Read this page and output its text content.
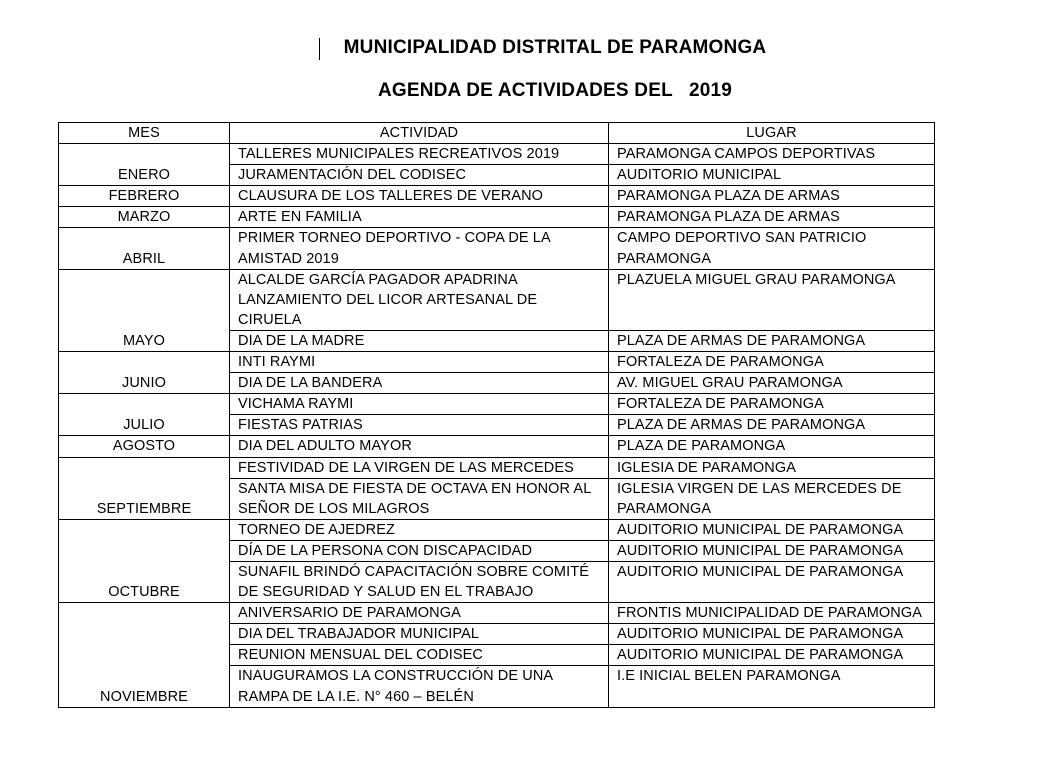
MUNICIPALIDAD DISTRITAL DE PARAMONGA
AGENDA DE ACTIVIDADES DEL   2019
MES	ACTIVIDAD	LUGAR
ENERO	TALLERES MUNICIPALES RECREATIVOS 2019	PARAMONGA CAMPOS DEPORTIVAS
	JURAMENTACIÓN DEL CODISEC	AUDITORIO MUNICIPAL
FEBRERO	CLAUSURA DE LOS TALLERES DE VERANO	PARAMONGA PLAZA DE ARMAS
MARZO	ARTE EN FAMILIA	PARAMONGA PLAZA DE ARMAS
ABRIL	PRIMER TORNEO DEPORTIVO - COPA DE LA AMISTAD 2019	CAMPO DEPORTIVO SAN PATRICIO PARAMONGA
MAYO	ALCALDE GARCÍA PAGADOR APADRINA LANZAMIENTO DEL LICOR ARTESANAL DE CIRUELA	PLAZUELA MIGUEL GRAU PARAMONGA
	DIA DE LA MADRE	PLAZA DE ARMAS DE PARAMONGA
JUNIO	INTI RAYMI	FORTALEZA DE PARAMONGA
	DIA DE LA BANDERA	AV. MIGUEL GRAU PARAMONGA
JULIO	VICHAMA RAYMI	FORTALEZA DE PARAMONGA
	FIESTAS PATRIAS	PLAZA DE ARMAS DE PARAMONGA
AGOSTO	DIA DEL ADULTO MAYOR	PLAZA DE PARAMONGA
SEPTIEMBRE	FESTIVIDAD DE LA VIRGEN DE LAS MERCEDES	IGLESIA DE PARAMONGA
	SANTA MISA DE FIESTA DE OCTAVA EN HONOR AL SEÑOR DE LOS MILAGROS	IGLESIA VIRGEN DE LAS MERCEDES DE PARAMONGA
OCTUBRE	TORNEO DE AJEDREZ	AUDITORIO MUNICIPAL DE PARAMONGA
	DÍA DE LA PERSONA CON DISCAPACIDAD	AUDITORIO MUNICIPAL DE PARAMONGA
	SUNAFIL BRINDÓ CAPACITACIÓN SOBRE COMITÉ DE SEGURIDAD Y SALUD EN EL TRABAJO	AUDITORIO MUNICIPAL DE PARAMONGA
NOVIEMBRE	ANIVERSARIO DE PARAMONGA	FRONTIS MUNICIPALIDAD DE PARAMONGA
	DIA DEL TRABAJADOR MUNICIPAL	AUDITORIO MUNICIPAL DE PARAMONGA
	REUNION MENSUAL DEL CODISEC	AUDITORIO MUNICIPAL DE PARAMONGA
	INAUGURAMOS LA CONSTRUCCIÓN DE UNA RAMPA DE LA I.E. N° 460 – BELÉN	I.E INICIAL BELEN PARAMONGA
